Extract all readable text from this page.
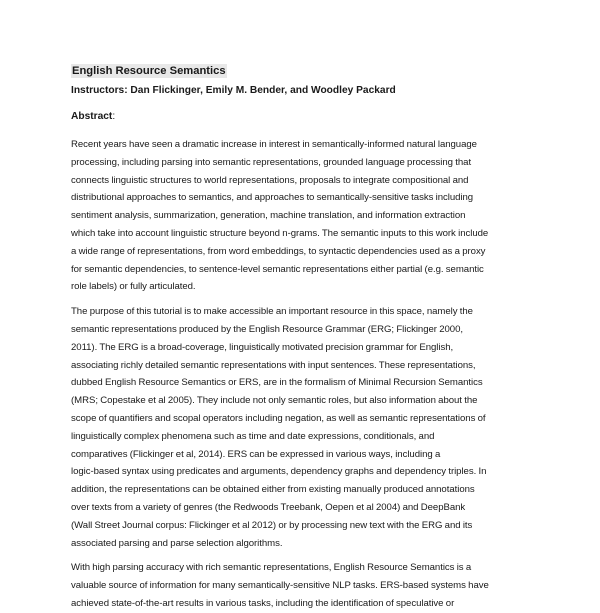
English Resource Semantics
Instructors: Dan Flickinger, Emily M. Bender, and Woodley Packard
Abstract:

Recent years have seen a dramatic increase in interest in semantically-informed natural language
processing, including parsing into semantic representations, grounded language processing that
connects linguistic structures to world representations, proposals to integrate compositional and
distributional approaches to semantics, and approaches to semantically-sensitive tasks including
sentiment analysis, summarization, generation, machine translation, and information extraction
which take into account linguistic structure beyond n-grams. The semantic inputs to this work include
a wide range of representations, from word embeddings, to syntactic dependencies used as a proxy
for semantic dependencies, to sentence-level semantic representations either partial (e.g. semantic
role labels) or fully articulated.

The purpose of this tutorial is to make accessible an important resource in this space, namely the
semantic representations produced by the English Resource Grammar (ERG; Flickinger 2000,
2011). The ERG is a broad-coverage, linguistically motivated precision grammar for English,
associating richly detailed semantic representations with input sentences. These representations,
dubbed English Resource Semantics or ERS, are in the formalism of Minimal Recursion Semantics
(MRS; Copestake et al 2005). They include not only semantic roles, but also information about the
scope of quantifiers and scopal operators including negation, as well as semantic representations of
linguistically complex phenomena such as time and date expressions, conditionals, and
comparatives (Flickinger et al, 2014). ERS can be expressed in various ways, including a
logic-based syntax using predicates and arguments, dependency graphs and dependency triples. In
addition, the representations can be obtained either from existing manually produced annotations
over texts from a variety of genres (the Redwoods Treebank, Oepen et al 2004) and DeepBank
(Wall Street Journal corpus: Flickinger et al 2012) or by processing new text with the ERG and its
associated parsing and parse selection algorithms.

With high parsing accuracy with rich semantic representations, English Resource Semantics is a
valuable source of information for many semantically-sensitive NLP tasks. ERS-based systems have
achieved state-of-the-art results in various tasks, including the identification of speculative or
